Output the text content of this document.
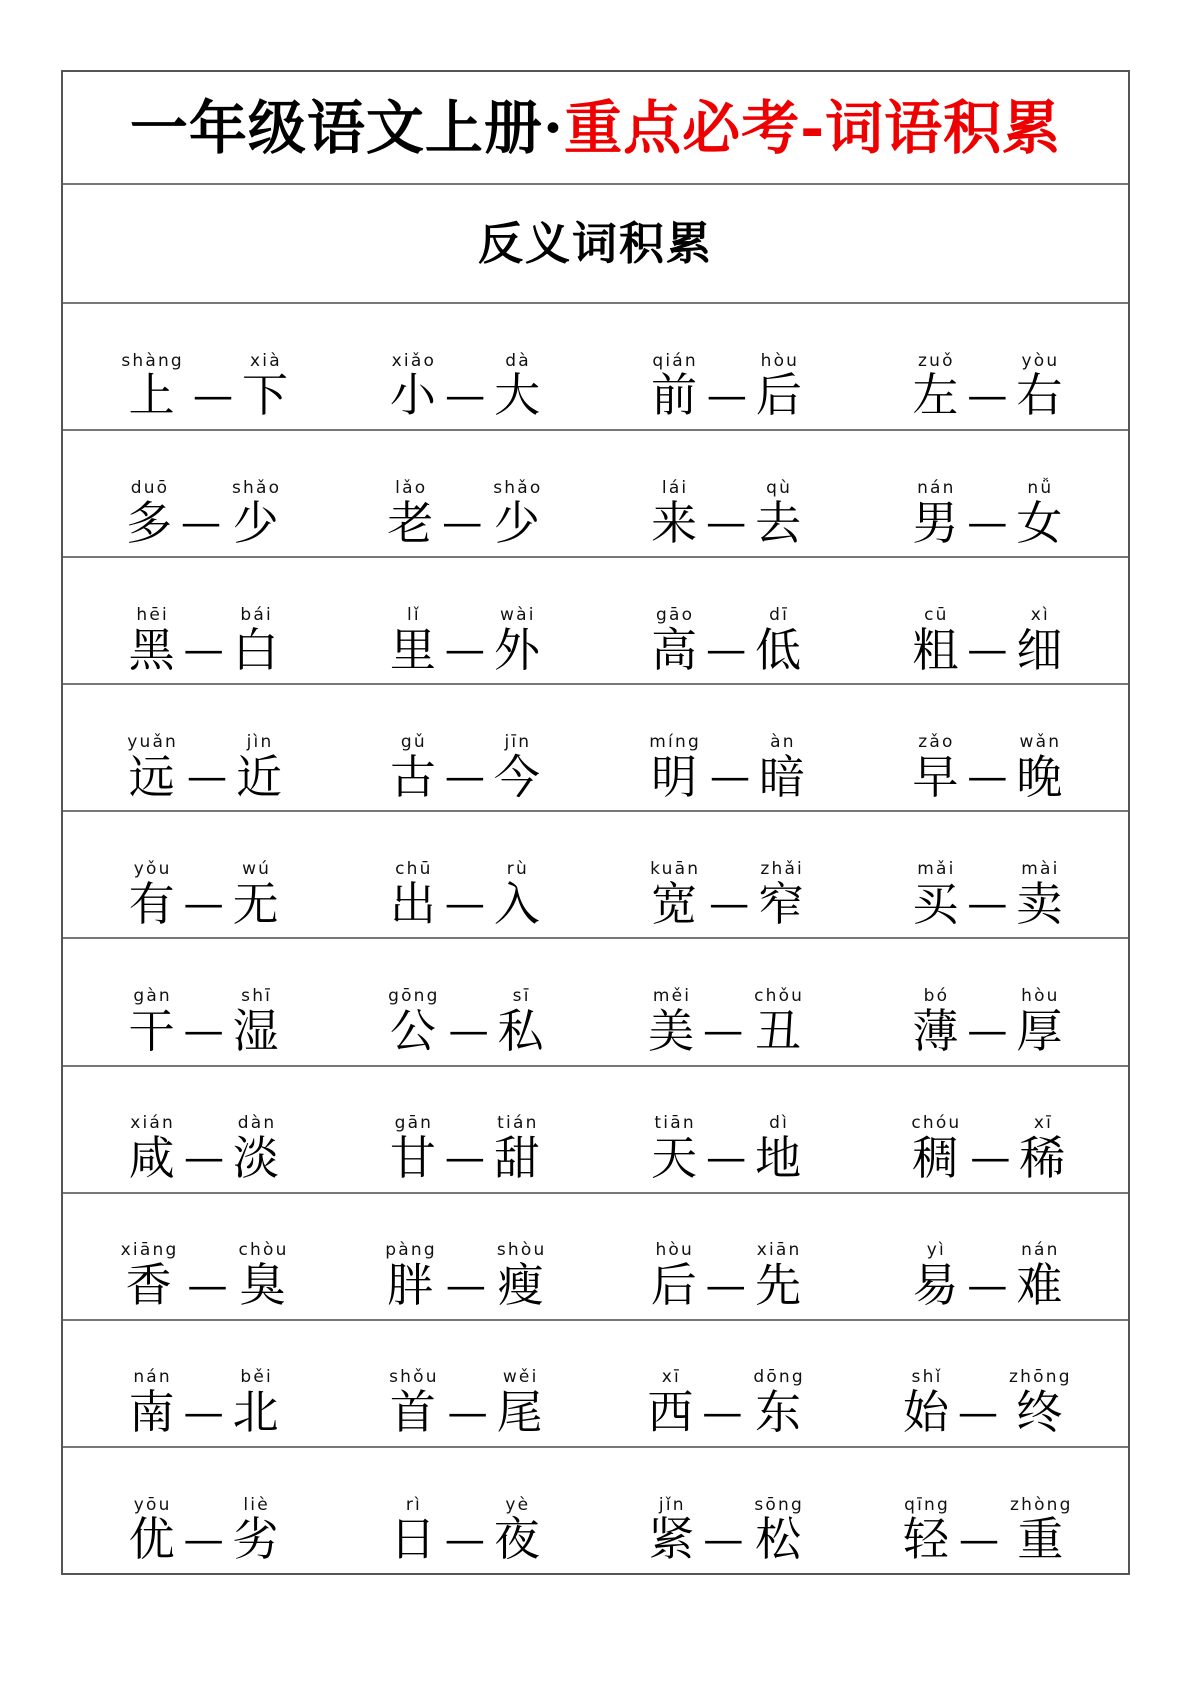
一年级语文上册·重点必考-词语积累
反义词积累
shàng
上 —
xià
下
xiǎo
小 —
dà
大
qián
前 —
hòu
后
zuǒ
左 —
yòu
右
duō
多 —
shǎo
少
lǎo
老 —
shǎo
少
lái
来 —
qù
去
nán
男 —
nǚ
女
hēi
黑 —
bái
白
lǐ
里 —
wài
外
gāo
高 —
dī
低
cū
粗 —
xì
细
yuǎn
远 —
jìn
近
gǔ
古 —
jīn
今
míng
明 —
àn
暗
zǎo
早 —
wǎn
晚
yǒu
有 —
wú
无
chū
出 —
rù
入
kuān
宽 —
zhǎi
窄
mǎi
买 —
mài
卖
gàn
干 —
shī
湿
gōng
公 —
sī
私
měi
美 —
chǒu
丑
bó
薄 —
hòu
厚
xián
咸 —
dàn
淡
gān
甘 —
tián
甜
tiān
天 —
dì
地
chóu
稠 —
xī
稀
xiāng
香 —
chòu
臭
pàng
胖 —
shòu
瘦
hòu
后 —
xiān
先
yì
易 —
nán
难
nán
南 —
běi
北
shǒu
首 —
wěi
尾
xī
西 —
dōng
东
shǐ
始 —
zhōng
终
yōu
优 —
liè
劣
rì
日 —
yè
夜
jǐn
紧 —
sōng
松
qīng
轻 —
zhòng
重
